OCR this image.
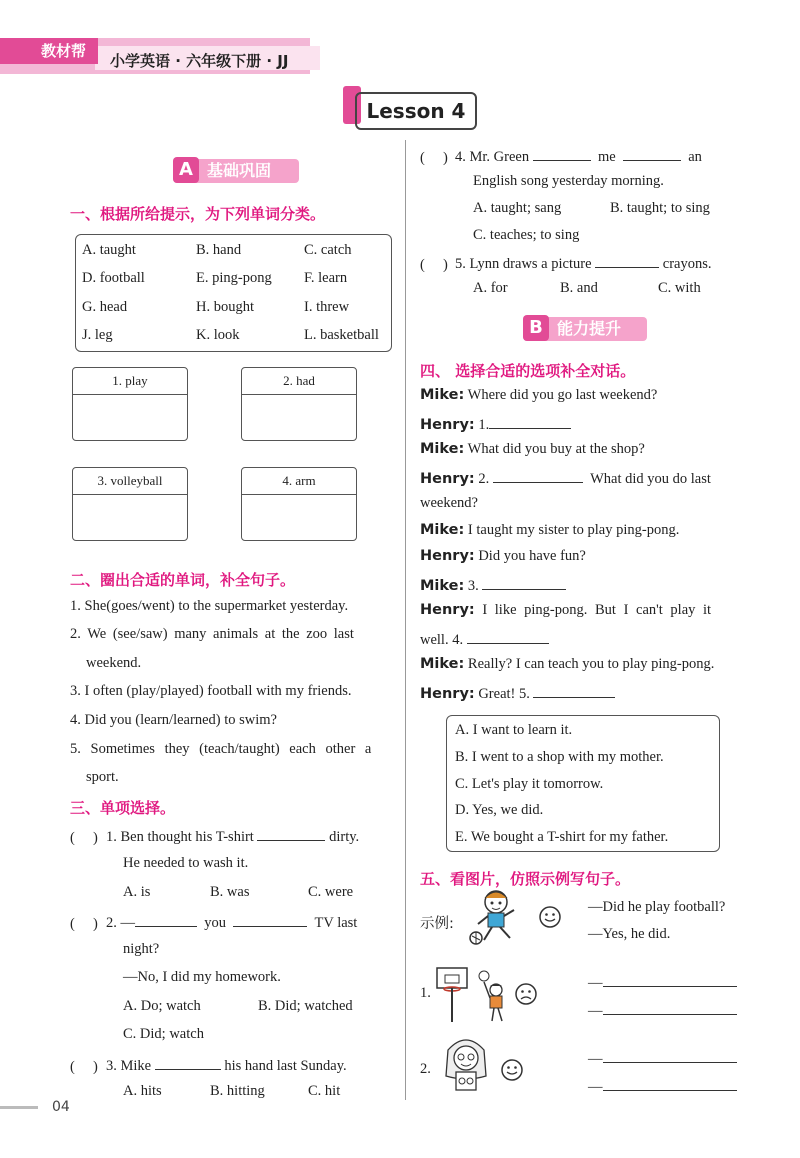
教材帮
小学英语 · 六年级下册 · JJ
Lesson 4
基础巩固
A
一、根据所给提示，为下列单词分类。
A. taught	B. hand	C. catch
D. football	E. ping-pong F. learn
G. head	H. bought	I. threw
J. leg	K. look	L. basketball
1. play	2. had
3. volleyball	4. arm
二、圈出合适的单词，补全句子。
1. She(goes/went) to the supermarket yesterday.
2. We (see/saw) many animals at the zoo last
weekend.
3. I often (play/played) football with my friends.
4. Did you (learn/learned) to swim?
5. Sometimes they (teach/taught) each other a
sport.
三、单项选择。
(　 ) 1. Ben thought his T-shirt	dirty.
He needed to wash it.
A. is	B. was	C. were
(　 ) 2. —	you	TV last
night?
—No, I did my homework.
A. Do; watch	B. Did; watched
C. Did; watch
(　 ) 3. Mike	his hand last Sunday.
A. hits	B. hitting	C. hit
(　 ) 4. Mr. Green	me	an
English song yesterday morning.
A. taught; sang	B. taught; to sing
C. teaches; to sing
(　 ) 5. Lynn draws a picture	crayons.
A. for	B. and	C. with
能力提升
B
四、 选择合适的选项补全对话。
Mike: Where did you go last weekend?
Henry: 1.
Mike: What did you buy at the shop?
Henry: 2.	What did you do last
weekend?
Mike: I taught my sister to play ping-pong.
Henry: Did you have fun?
Mike: 3.
Henry: I like ping-pong. But I can't play it
well. 4.
Mike: Really? I can teach you to play ping-pong.
Henry: Great! 5.
A. I want to learn it.
B. I went to a shop with my mother.
C. Let's play it tomorrow.
D. Yes, we did.
E. We bought a T-shirt for my father.
五、看图片，仿照示例写句子。
示例:
—Did he play football?
—Yes, he did.
1.
—
—
2.
—
—
04
